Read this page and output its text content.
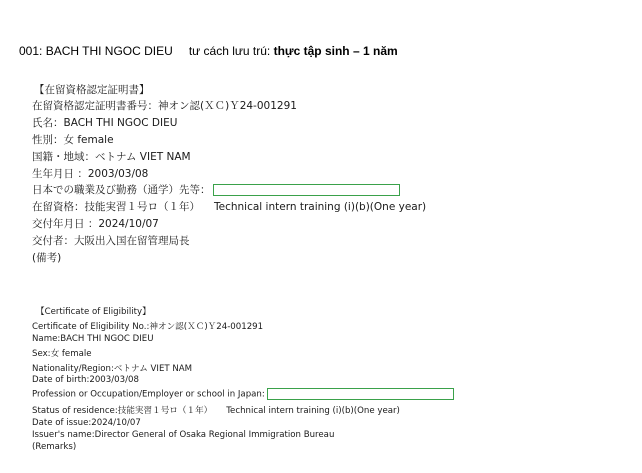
001: BACH THI NGOC DIEU tư cách lưu trú: thực tập sinh – 1 năm
【在留資格認定証明書】
在留資格認定証明書番号：神オン認(ＸＣ)Ｙ24-001291
氏名：BACH THI NGOC DIEU
性別：女 female
国籍・地域：ベトナム VIET NAM
生年月日 ：2003/03/08
日本での職業及び勤務（通学）先等：
在留資格：技能実習１号ロ（１年） Technical intern training (i)(b)(One year)
交付年月日 ：2024/10/07
交付者：大阪出入国在留管理局長
(備考)
【Certificate of Eligibility】
Certificate of Eligibility No.:神オン認(ＸＣ)Ｙ24-001291
Name:BACH THI NGOC DIEU
Sex:女 female
Nationality/Region:ベトナム VIET NAM
Date of birth:2003/03/08
Profession or Occupation/Employer or school in Japan:
Status of residence:技能実習１号ロ（１年） Technical intern training (i)(b)(One year)
Date of issue:2024/10/07
Issuer's name:Director General of Osaka Regional Immigration Bureau
(Remarks)
